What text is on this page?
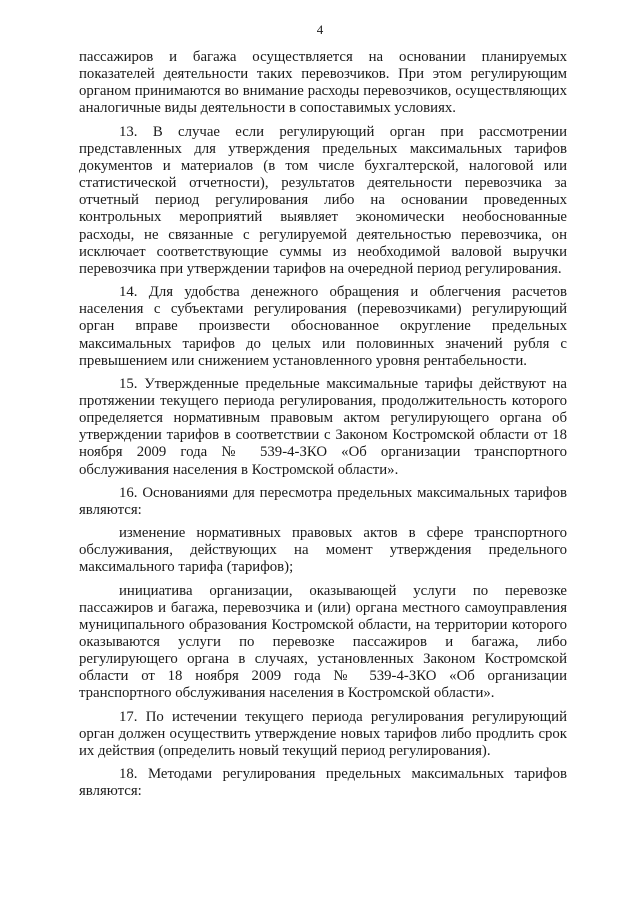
4

пассажиров и багажа осуществляется на основании планируемых показателей деятельности таких перевозчиков. При этом регулирующим органом принимаются во внимание расходы перевозчиков, осуществляющих аналогичные виды деятельности в сопоставимых условиях.

13. В случае если регулирующий орган при рассмотрении представленных для утверждения предельных максимальных тарифов документов и материалов (в том числе бухгалтерской, налоговой или статистической отчетности), результатов деятельности перевозчика за отчетный период регулирования либо на основании проведенных контрольных мероприятий выявляет экономически необоснованные расходы, не связанные с регулируемой деятельностью перевозчика, он исключает соответствующие суммы из необходимой валовой выручки перевозчика при утверждении тарифов на очередной период регулирования.

14. Для удобства денежного обращения и облегчения расчетов населения с субъектами регулирования (перевозчиками) регулирующий орган вправе произвести обоснованное округление предельных максимальных тарифов до целых или половинных значений рубля с превышением или снижением установленного уровня рентабельности.

15. Утвержденные предельные максимальные тарифы действуют на протяжении текущего периода регулирования, продолжительность которого определяется нормативным правовым актом регулирующего органа об утверждении тарифов в соответствии с Законом Костромской области от 18 ноября 2009 года № 539-4-ЗКО «Об организации транспортного обслуживания населения в Костромской области».

16. Основаниями для пересмотра предельных максимальных тарифов являются:

изменение нормативных правовых актов в сфере транспортного обслуживания, действующих на момент утверждения предельного максимального тарифа (тарифов);

инициатива организации, оказывающей услуги по перевозке пассажиров и багажа, перевозчика и (или) органа местного самоуправления муниципального образования Костромской области, на территории которого оказываются услуги по перевозке пассажиров и багажа, либо регулирующего органа в случаях, установленных Законом Костромской области от 18 ноября 2009 года № 539-4-ЗКО «Об организации транспортного обслуживания населения в Костромской области».

17. По истечении текущего периода регулирования регулирующий орган должен осуществить утверждение новых тарифов либо продлить срок их действия (определить новый текущий период регулирования).

18. Методами регулирования предельных максимальных тарифов являются:
